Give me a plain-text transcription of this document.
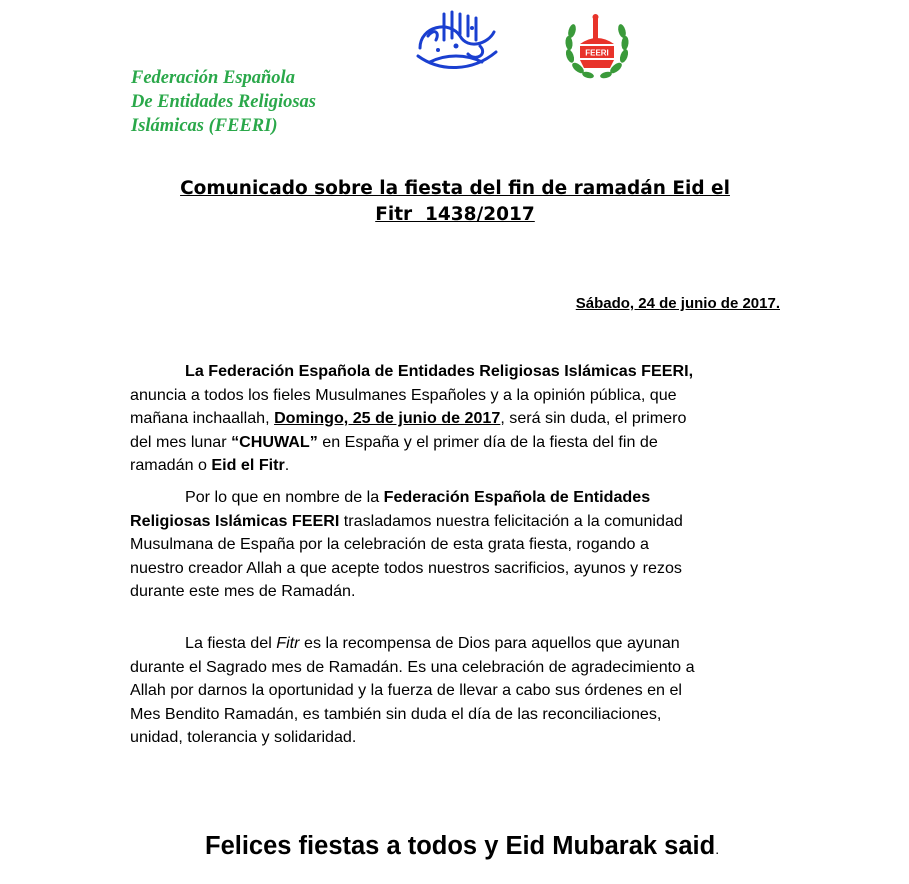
FEERI
Federación Española
De Entidades Religiosas
Islámicas (FEERI)
Comunicado sobre la fiesta del fin de ramadán Eid el
Fitr  1438/2017
Sábado, 24 de junio de 2017.
La Federación Española de Entidades Religiosas Islámicas FEERI,
anuncia a todos los fieles Musulmanes Españoles y a la opinión pública, que
mañana inchaallah, Domingo, 25 de junio de 2017, será sin duda, el primero
del mes lunar “CHUWAL” en España y el primer día de la fiesta del fin de
ramadán o Eid el Fitr.
Por lo que en nombre de la Federación Española de Entidades
Religiosas Islámicas FEERI trasladamos nuestra felicitación a la comunidad
Musulmana de España por la celebración de esta grata fiesta, rogando a
nuestro creador Allah a que acepte todos nuestros sacrificios, ayunos y rezos
durante este mes de Ramadán.
La fiesta del Fitr es la recompensa de Dios para aquellos que ayunan
durante el Sagrado mes de Ramadán. Es una celebración de agradecimiento a
Allah por darnos la oportunidad y la fuerza de llevar a cabo sus órdenes en el
Mes Bendito Ramadán, es también sin duda el día de las reconciliaciones,
unidad, tolerancia y solidaridad.
Felices fiestas a todos y Eid Mubarak said.
